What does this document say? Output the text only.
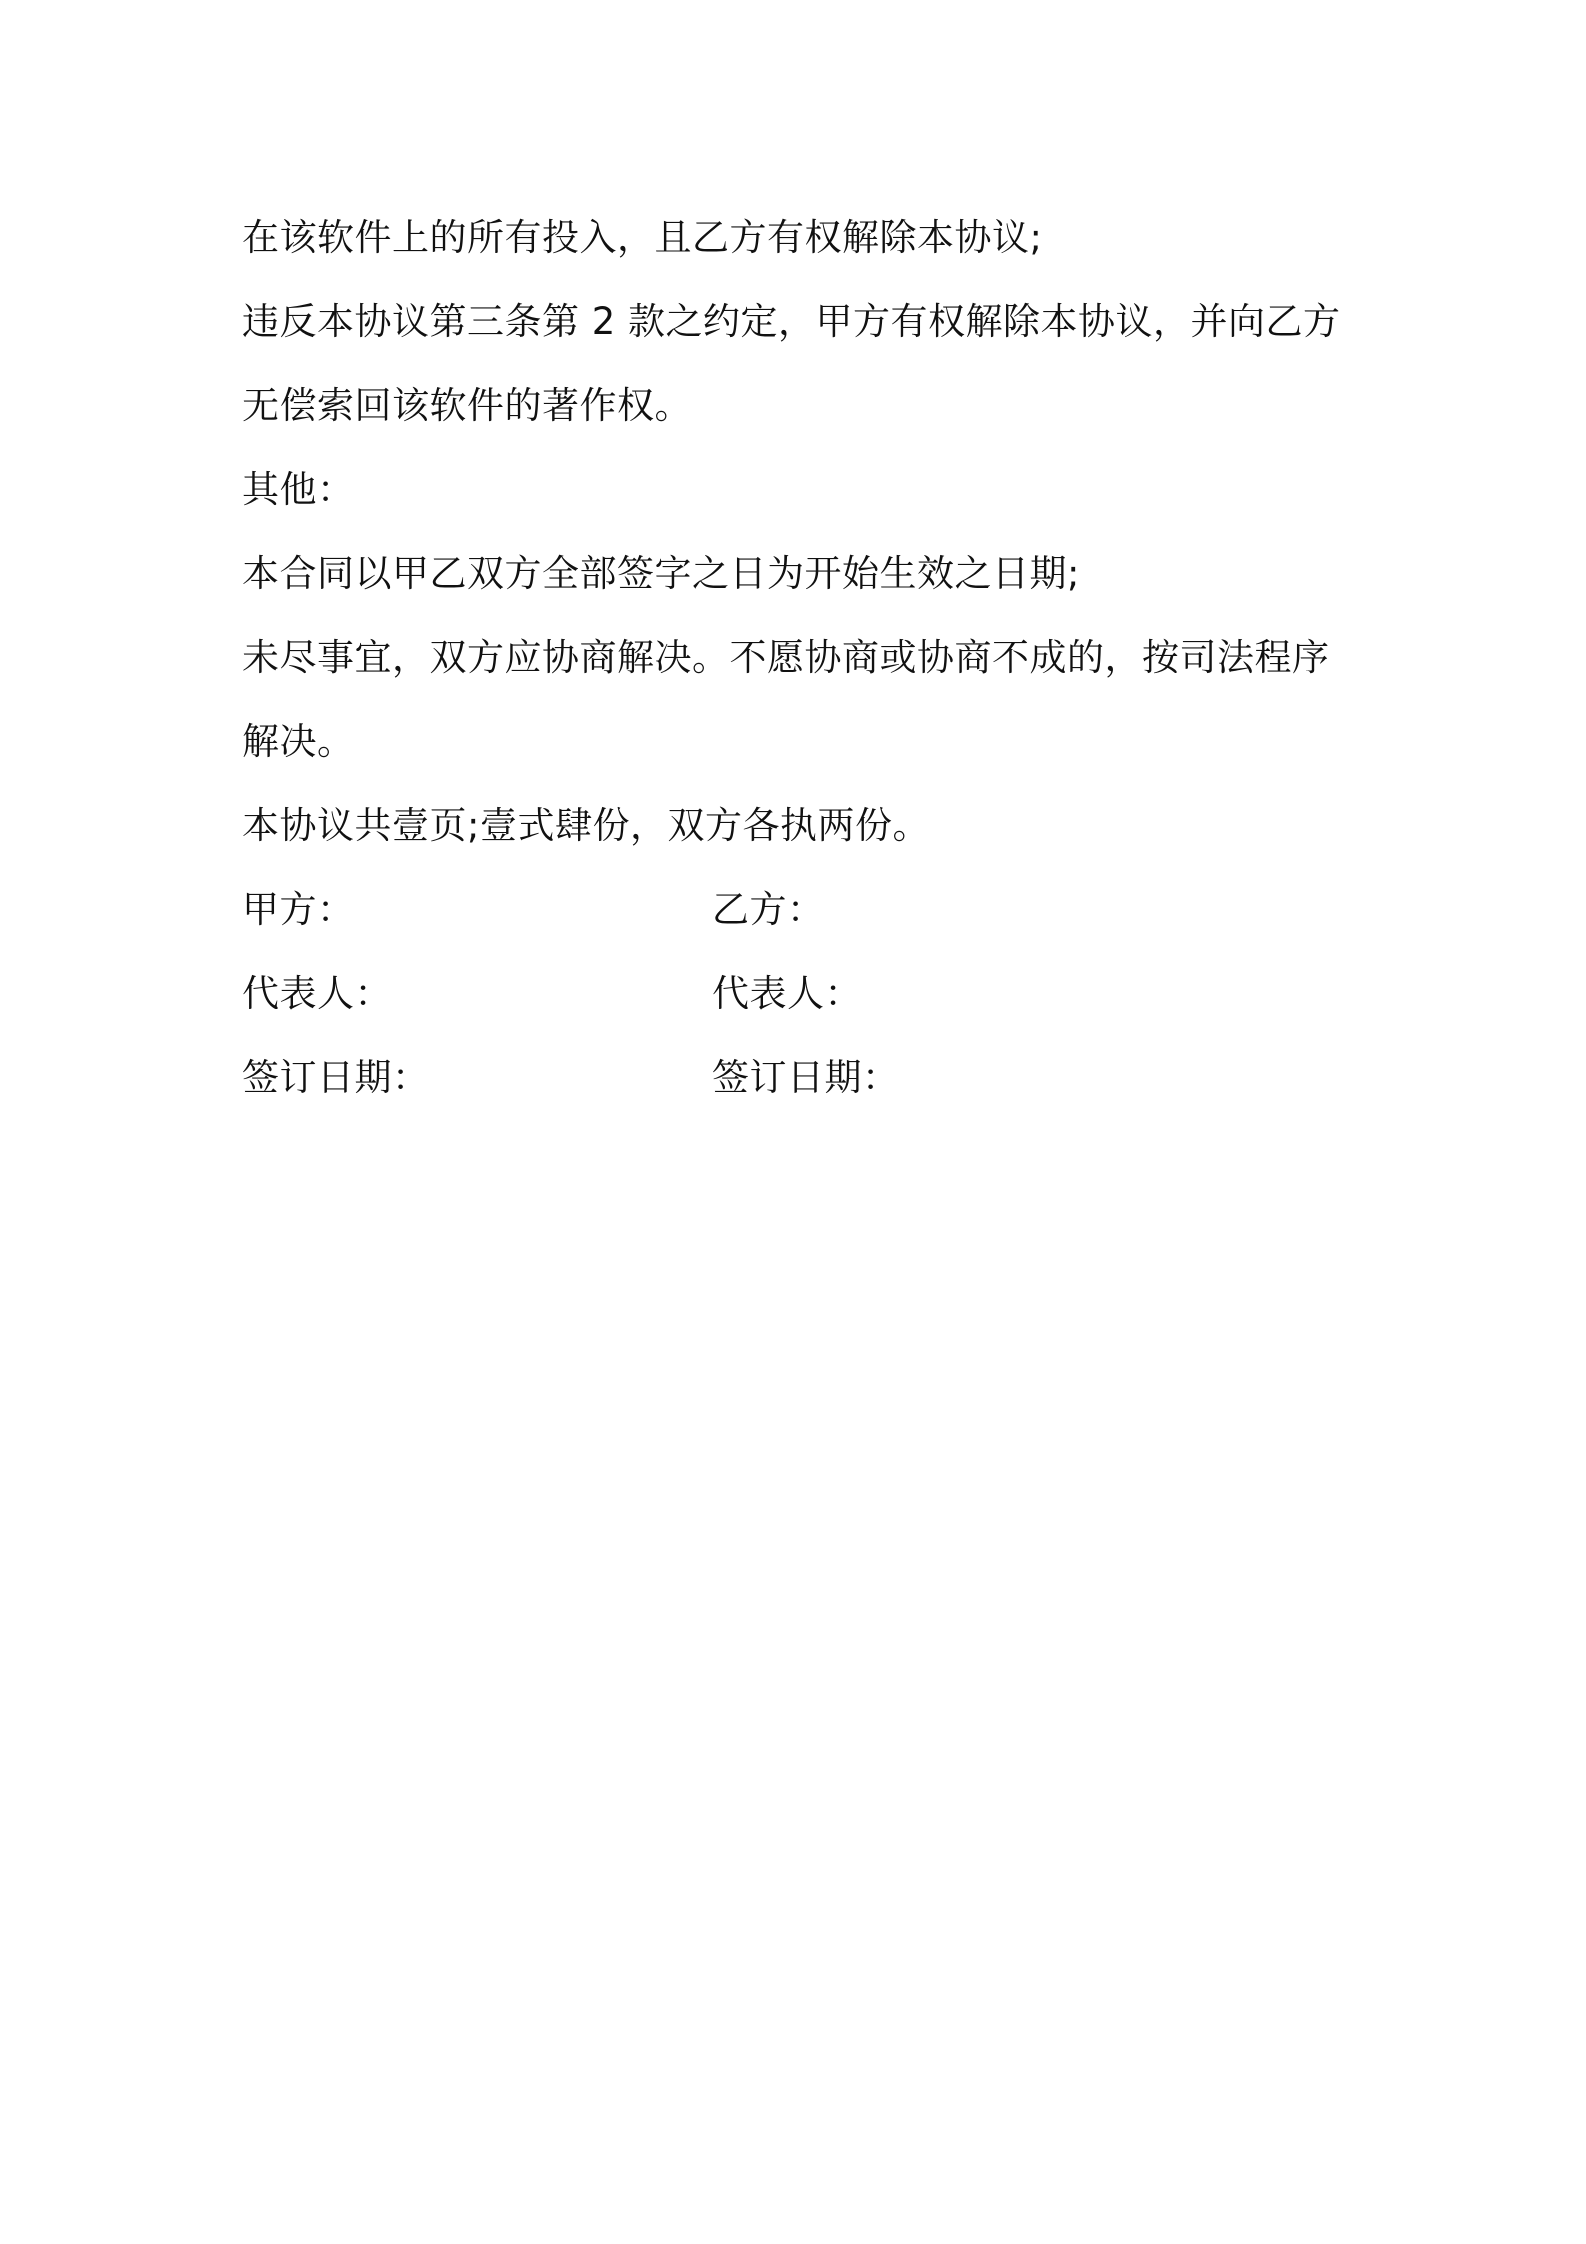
在该软件上的所有投入，且乙方有权解除本协议;

违反本协议第三条第 2 款之约定，甲方有权解除本协议，并向乙方无偿索回该软件的著作权。

其他：

本合同以甲乙双方全部签字之日为开始生效之日期;

未尽事宜，双方应协商解决。不愿协商或协商不成的，按司法程序解决。

本协议共壹页;壹式肆份，双方各执两份。

甲方：	乙方：
代表人：	代表人：
签订日期：	签订日期：
